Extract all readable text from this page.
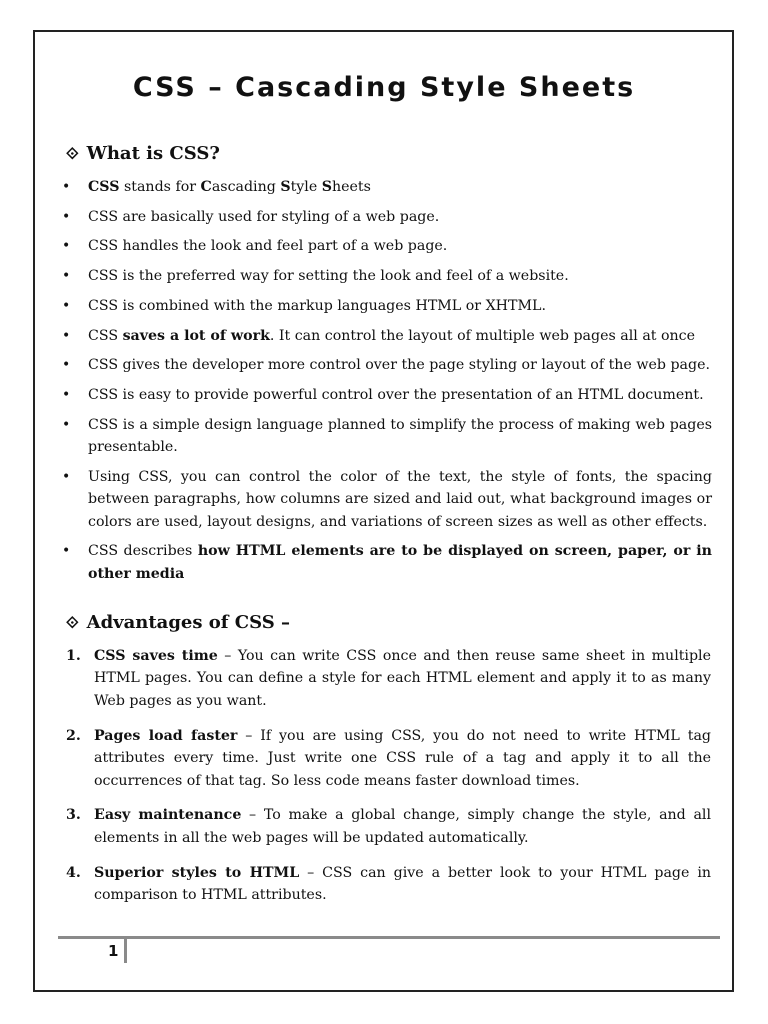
CSS – Cascading Style Sheets
⟐ What is CSS?
• CSS stands for Cascading Style Sheets
• CSS are basically used for styling of a web page.
• CSS handles the look and feel part of a web page.
• CSS is the preferred way for setting the look and feel of a website.
• CSS is combined with the markup languages HTML or XHTML.
• CSS saves a lot of work. It can control the layout of multiple web pages all at once
• CSS gives the developer more control over the page styling or layout of the web page.
• CSS is easy to provide powerful control over the presentation of an HTML document.
• CSS is a simple design language planned to simplify the process of making web pages presentable.
• Using CSS, you can control the color of the text, the style of fonts, the spacing between paragraphs, how columns are sized and laid out, what background images or colors are used, layout designs, and variations of screen sizes as well as other effects.
• CSS describes how HTML elements are to be displayed on screen, paper, or in other media
⟐ Advantages of CSS –
1. CSS saves time – You can write CSS once and then reuse same sheet in multiple HTML pages. You can define a style for each HTML element and apply it to as many Web pages as you want.
2. Pages load faster – If you are using CSS, you do not need to write HTML tag attributes every time. Just write one CSS rule of a tag and apply it to all the occurrences of that tag. So less code means faster download times.
3. Easy maintenance – To make a global change, simply change the style, and all elements in all the web pages will be updated automatically.
4. Superior styles to HTML – CSS can give a better look to your HTML page in comparison to HTML attributes.
1
